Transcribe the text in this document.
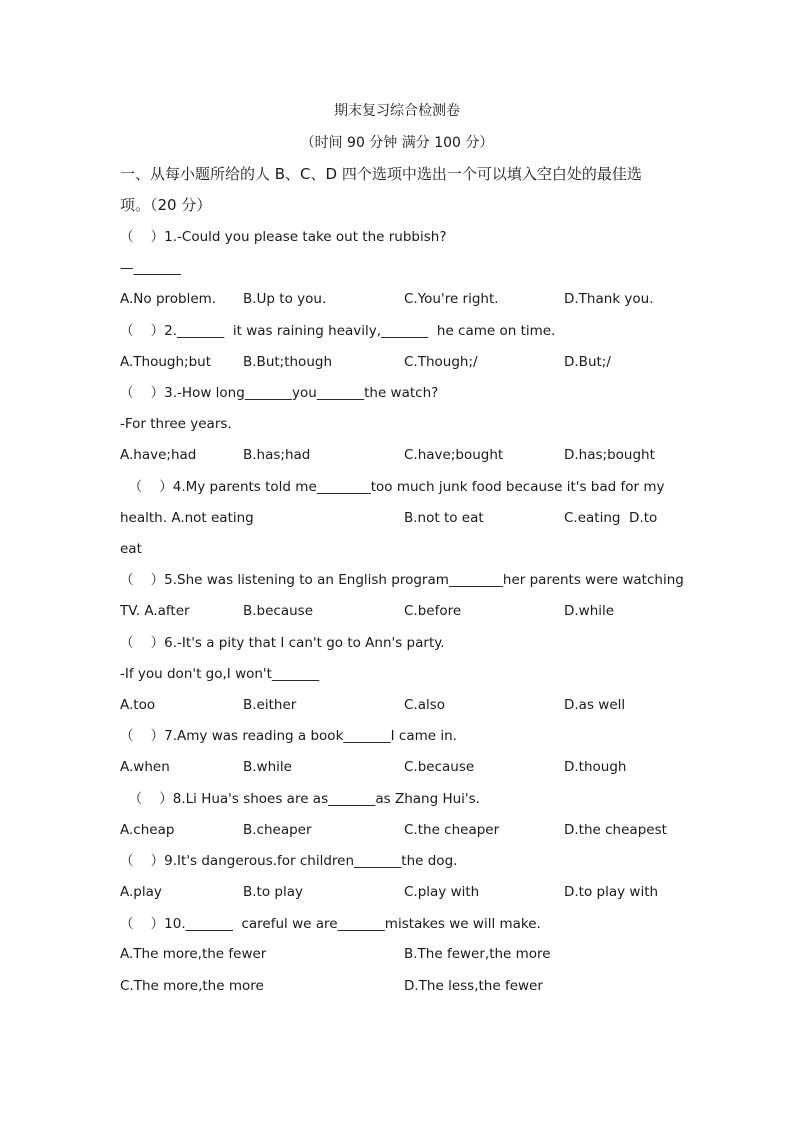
期末复习综合检测卷
（时间 90 分钟 满分 100 分）
一、从每小题所给的人 B、C、D 四个选项中选出一个可以填入空白处的最佳选
项。（20 分）
（    ）1.-Could you please take out the rubbish?
—_______
A.No problem. B.Up to you.	C.You're right.	D.Thank you.
（    ）2._______  it was raining heavily,_______  he came on time.
A.Though;but B.But;though	C.Though;/	D.But;/
（    ）3.-How long_______you_______the watch?
-For three years.
A.have;had	B.has;had	C.have;bought	D.has;bought
（    ）4.My parents told me________too much junk food because it's bad for my
health. A.not eating	B.not to eat	C.eating  D.to
eat
（    ）5.She was listening to an English program________her parents were watching
TV. A.after	B.because	C.before	D.while
（    ）6.-It's a pity that I can't go to Ann's party.
-If you don't go,I won't_______
A.too	B.either	C.also	D.as well
（    ）7.Amy was reading a book_______I came in.
A.when	B.while	C.because	D.though
（    ）8.Li Hua's shoes are as_______as Zhang Hui's.
A.cheap	B.cheaper	C.the cheaper	D.the cheapest
（    ）9.It's dangerous.for children_______the dog.
A.play	B.to play	C.play with	D.to play with
（    ）10._______  careful we are_______mistakes we will make.
A.The more,the fewer	B.The fewer,the more
C.The more,the more	D.The less,the fewer
